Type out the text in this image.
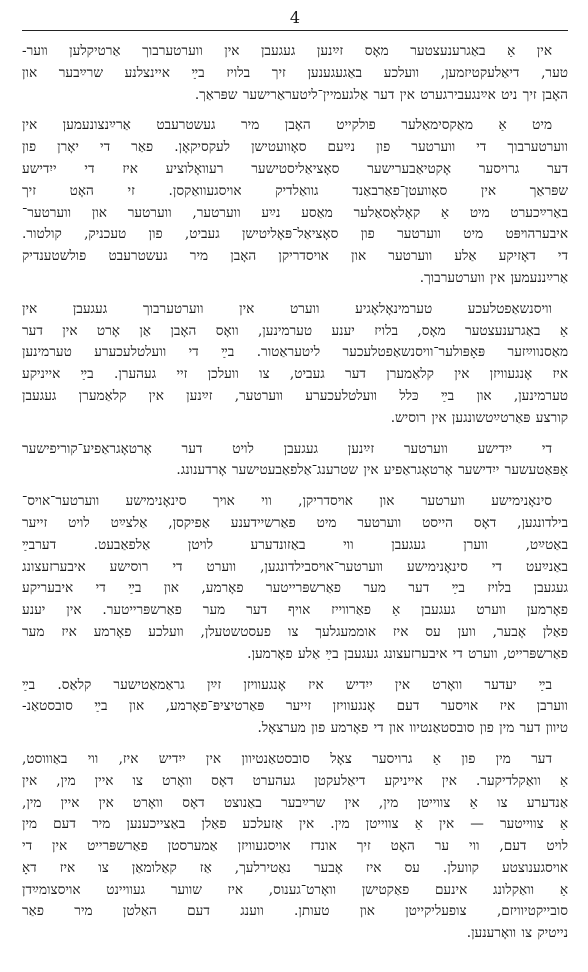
4
אין אַ באַגרענעצטער מאָס זײַנען געגעבן אין ווערטערבוך אַרטיקלען װער-
טער, דיאַלעקטיזמען, וועלכע באַגעגענען זיך בלויז בײַ איינצלנע שרײַבער און
האָבן זיך ניט אײַנגעבירגערט אין דער אַלגעמיין־ליטעראַרישער שפּראַך.
מיט אַ מאַקסימאַלער פולקייט האָבן מיר געשטרעבט אַרײַנצונעמען אין
ווערטערבוך די ווערטער פון נײַעם סאָוועטישן לעקסיקאָן. פאַר די יאָרן פון
דער גרויסער אָקטיאַבערישער סאָציאַליסטישער רעוואָלוציע איז די ייִדישע
שפּראַך אין סאָוועטן־פאַרבאַנד גוואַלדיק אויסגעוואַקסן. זי האָט זיך
באַרײַכערט מיט אַ קאָלאָסאַלער מאַסע נײַע ווערטער, ווערטער און ווערטער־
איבערהױפּט מיט ווערטער פון סאָציאַל־פּאָליטישן געביט, פון טעכניק, קולטור.
די דאָזיקע אַלע ווערטער און אויסדריקן האָבן מיר געשטרעבט פולשטענדיק
אַרײַננעמען אין ווערטערבוך.
וויסנשאַפטלעכע טערמינאָלאָגיע ווערט אין ווערטערבוך געגעבן אין
אַ באַגרענעצטער מאָס, בלויז יענע טערמינען, וואָס האָבן אַן אָרט אין דער
מאַסנווײַזער פּאָפּולער־וויסנשאַפטלעכער ליטעראַטור. בײַ די וועלטלעכערע טערמינען
איז אָנגעוויזן אין קלאַמערן דער געביט, צו וועלכן זיי געהערן. בײַ אייניקע
טערמינען, און בײַ כּלל װעלטלעכערע ווערטער, זײַנען אין קלאַמערן געגעבן
קורצע פּאַרטײַטשונגען אין רוסיש.
די ייִדישע ווערטער זײַנען געגעבן לויט דער אָרטאָגראַפיע־קוריפישער
אַפּאַטעשער ייִדישער אָרטאָגראַפיע אין שטרענג־אַלפאַבעטישער אָרדענונג.
סינאָנימישע ווערטער און אויסדריקן, ווי אויך סינאָנימישע ווערטער־אויס־
בילדונגען, דאָס הייסט ווערטער מיט פאַרשיידענע אַפיקסן, אַלצײַט לויט זייער
באַטײַט, ווערן געגעבן ווי באַזונדערע לויטן אַלפאַבעט. דערבײַ
באַנײַעט די סינאָנימישע ווערטער־אויסבילדונגען, ווערט די רוסישע איבערזעצונג
געגעבן בלויז בײַ דער מער פאַרשפּרייטער פאָרמע, און בײַ די איבעריקע
פאָרמען ווערט געגעבן אַ פאַרווייז אויף דער מער פאַרשפּרייטער. אין יענע
פאַלן אָבער, ווען עס איז אוממעגלעך צו פעסטשטעלן, וועלכע פאָרמע איז מער
פאַרשפּרייט, ווערט די איבערזעצונג געגעבן בײַ אַלע פאָרמען.
בײַ יעדער וואָרט אין ייִדיש איז אָנגעוויזן זײַן גראַמאַטישער קלאַס. בײַ
ווערבן איז אויסער דעם אָנגעוויזן זייער פּאַרטיציפּ־פאָרמע, און בײַ סובסטאַנ-
טיוון דער מין פון סובסטאַנטיוו און די פאָרמע פון מערצאָל.
דער מין פון אַ גרויסער צאָל סובסטאַנטיוון אין ייִדיש איז, ווי באַוווסט,
אַ וואַקלדיקער. אין אייניקע דיאַלעקטן געהערט דאָס וואָרט צו איין מין, אין
אַנדערע צו אַ צווייטן מין, אין שרײַבער באַנוצט דאָס וואָרט אין איין מין,
אַ צווייטער — אין אַ צווייטן מין. אין אַזעלכע פאַלן באַצייכענען מיר דעם מין
לויט דעם, ווי ער האָט זיך אונדז אויסגעוויזן אַמערסטן פאַרשפּרייט אין די
אויסגענוצטע קוועלן. עס איז אָבער נאַטירלעך, אַז קאַלומאַן צו איז דאָ
אַ וואַקלונג אינעם פאַקטישן וואָרט־גענוס, איז שווער געוויינט אויסצומײַדן
סובייקטיוויזם, צופעליקייטן און טעותן. ווענג דעם האַלטן מיר פאַר
נייטיק צו וואָרענען.
